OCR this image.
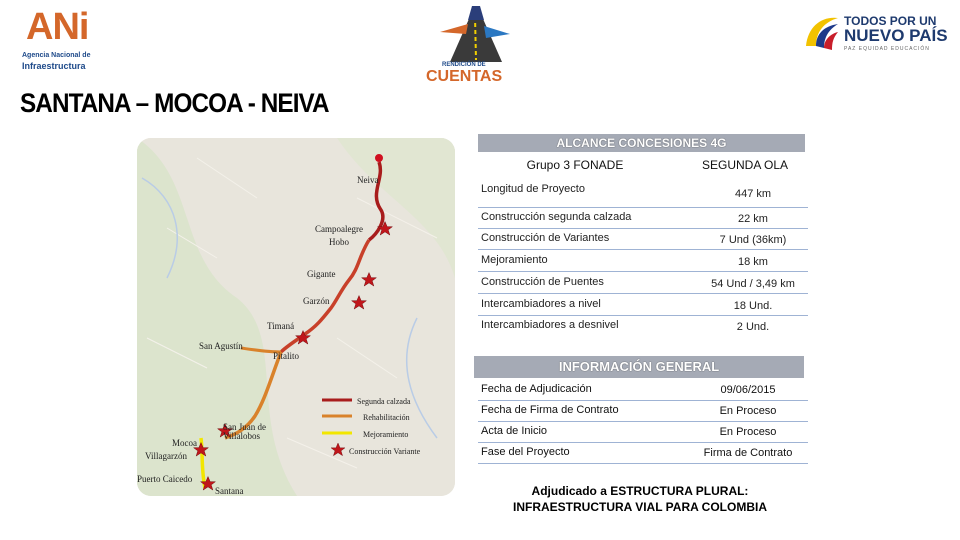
ANi
Agencia Nacional de
Infraestructura	RENDICIÓN DE
CUENTAS
TODOS POR UN
NUEVO PAÍS
PAZ EQUIDAD EDUCACIÓN
SANTANA – MOCOA - NEIVA
Neiva
Campoalegre
Hobo
Gigante
Garzón
Timaná
San Agustín
Pitalito
San Juan de
Villalobos
Mocoa
Villagarzón
Puerto Caicedo
Santana
Segunda calzada
Rehabilitación
Mejoramiento
Construcción Variante
ALCANCE CONCESIONES 4G
Grupo 3 FONADE	SEGUNDA OLA
Longitud de Proyecto	447 km
Construcción segunda calzada	22 km
Construcción de Variantes	7 Und (36km)
Mejoramiento	18 km
Construcción de Puentes	54 Und / 3,49 km
Intercambiadores a nivel	18 Und.
Intercambiadores a desnivel	2 Und.
INFORMACIÓN GENERAL
Fecha de Adjudicación	09/06/2015
Fecha de Firma de Contrato	En Proceso
Acta de Inicio	En Proceso
Fase del Proyecto	Firma de Contrato
Adjudicado a ESTRUCTURA PLURAL:
INFRAESTRUCTURA VIAL PARA COLOMBIA
